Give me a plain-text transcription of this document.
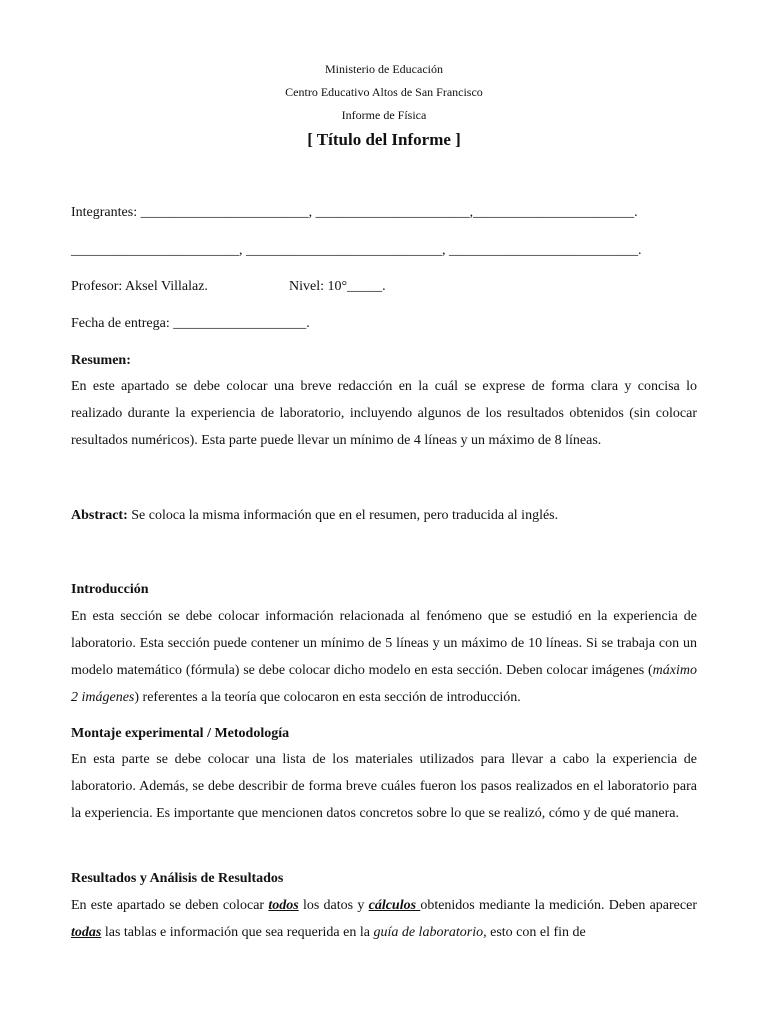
Ministerio de Educación
Centro Educativo Altos de San Francisco
Informe de Física
[ Título del Informe ]
Integrantes: ________________________, ______________________,_______________________.
________________________, ____________________________, ___________________________.
Profesor: Aksel Villalaz.	Nivel: 10°_____.
Fecha de entrega: ___________________.
Resumen:
En este apartado se debe colocar una breve redacción en la cuál se exprese de forma clara y concisa lo realizado durante la experiencia de laboratorio, incluyendo algunos de los resultados obtenidos (sin colocar resultados numéricos). Esta parte puede llevar un mínimo de 4 líneas y un máximo de 8 líneas.
Abstract: Se coloca la misma información que en el resumen, pero traducida al inglés.
Introducción
En esta sección se debe colocar información relacionada al fenómeno que se estudió en la experiencia de laboratorio. Esta sección puede contener un mínimo de 5 líneas y un máximo de 10 líneas. Si se trabaja con un modelo matemático (fórmula) se debe colocar dicho modelo en esta sección. Deben colocar imágenes (máximo 2 imágenes) referentes a la teoría que colocaron en esta sección de introducción.
Montaje experimental / Metodología
En esta parte se debe colocar una lista de los materiales utilizados para llevar a cabo la experiencia de laboratorio. Además, se debe describir de forma breve cuáles fueron los pasos realizados en el laboratorio para la experiencia. Es importante que mencionen datos concretos sobre lo que se realizó, cómo y de qué manera.
Resultados y Análisis de Resultados
En este apartado se deben colocar todos los datos y cálculos obtenidos mediante la medición. Deben aparecer todas las tablas e información que sea requerida en la guía de laboratorio, esto con el fin de
